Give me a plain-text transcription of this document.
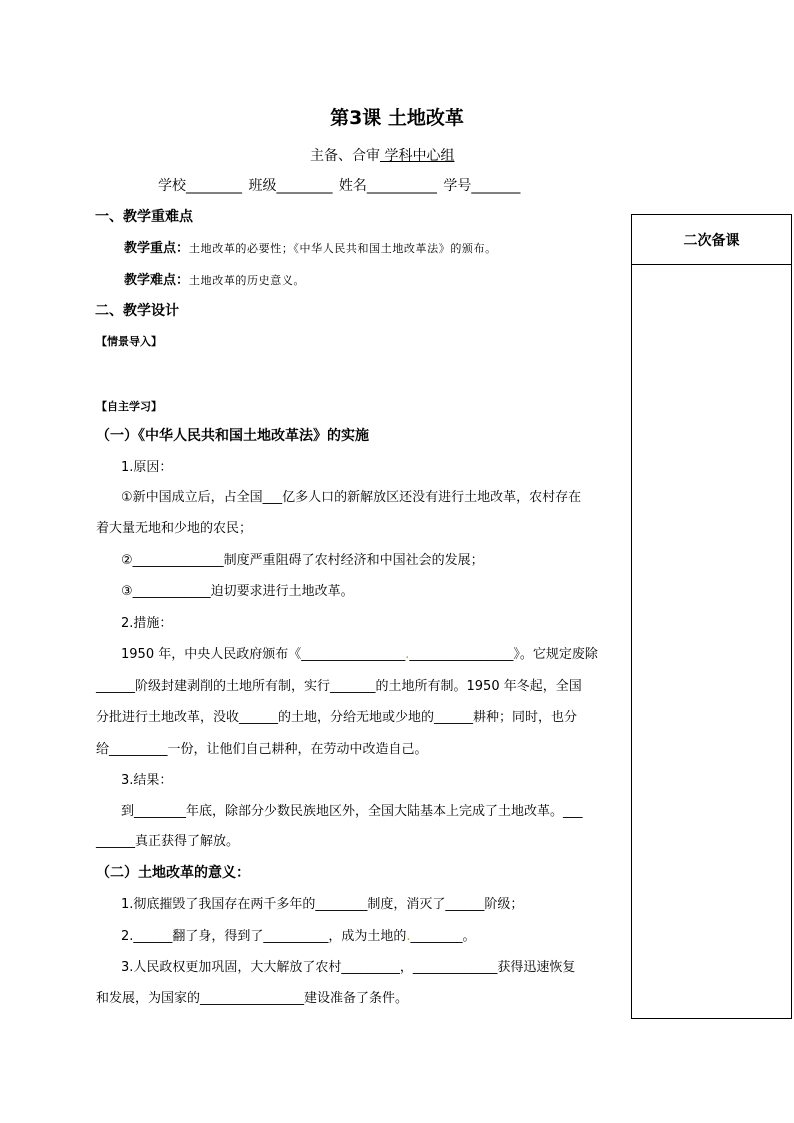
第3课 土地改革
主备、合审 学科中心组
学校________ 班级________ 姓名__________ 学号_______
一、教学重难点
教学重点：土地改革的必要性；《中华人民共和国土地改革法》的颁布。
教学难点：土地改革的历史意义。
二、教学设计
【情景导入】
【自主学习】
（一）《中华人民共和国土地改革法》的实施
1.原因：
①新中国成立后，占全国___亿多人口的新解放区还没有进行土地改革，农村存在
着大量无地和少地的农民；
②______________制度严重阻碍了农村经济和中国社会的发展；
③____________迫切要求进行土地改革。
2.措施：
1950 年，中央人民政府颁布《________________.________________》。它规定废除
______阶级封建剥削的土地所有制，实行_______的土地所有制。1950 年冬起，全国
分批进行土地改革，没收______的土地，分给无地或少地的______耕种；同时，也分
给_________一份，让他们自己耕种，在劳动中改造自己。
3.结果：
到________年底，除部分少数民族地区外，全国大陆基本上完成了土地改革。___
______真正获得了解放。
（二）土地改革的意义：
1.彻底摧毁了我国存在两千多年的________制度，消灭了______阶级；
2.______翻了身，得到了__________，成为土地的.________。
3.人民政权更加巩固，大大解放了农村_________，_____________获得迅速恢复
和发展，为国家的________________建设准备了条件。
二次备课
